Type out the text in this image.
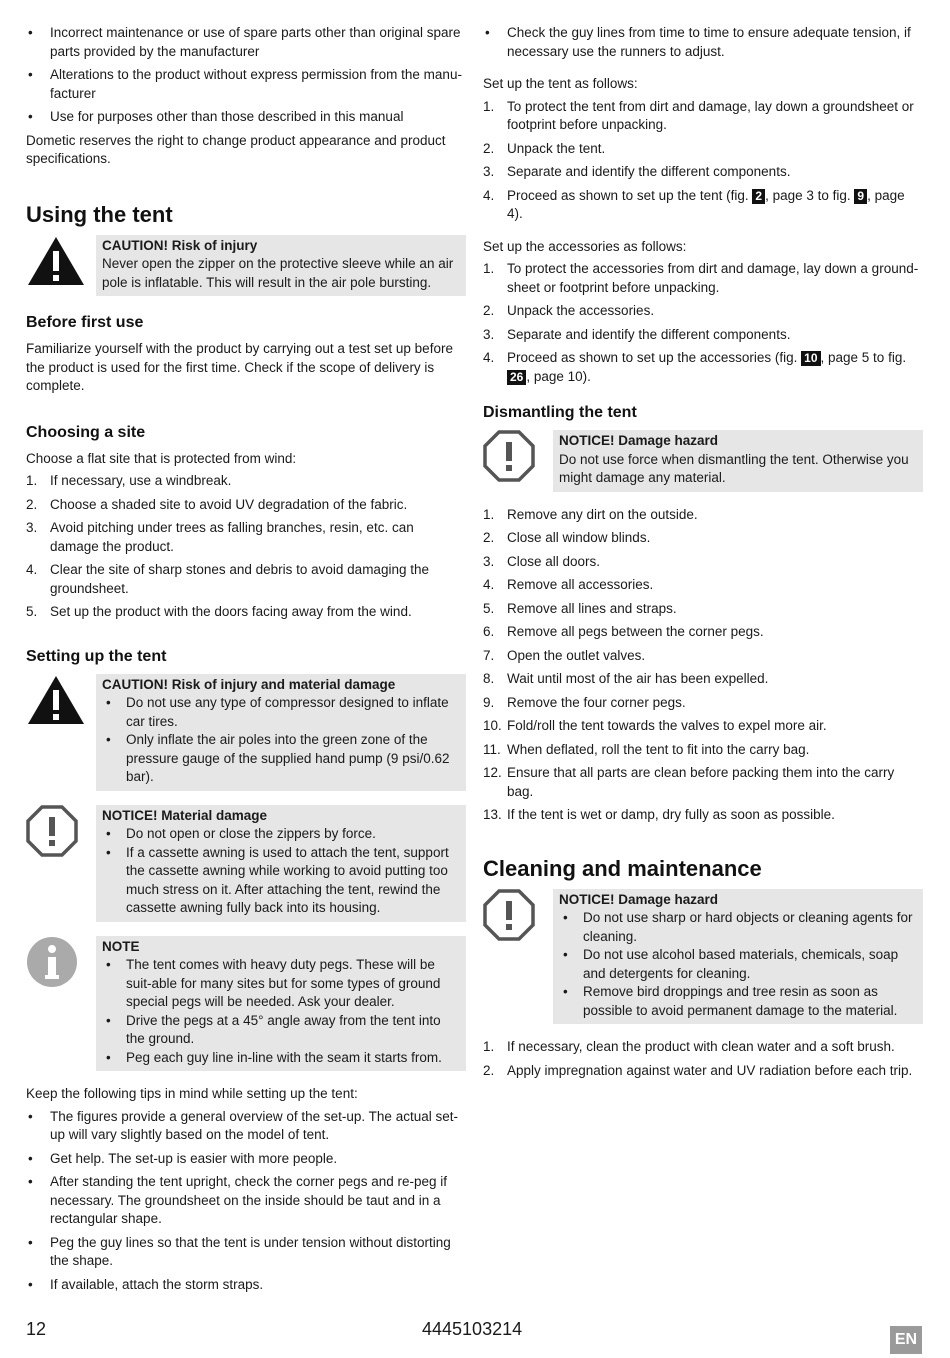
• Incorrect maintenance or use of spare parts other than original spare parts provided by the manufacturer
• Alterations to the product without express permission from the manu-facturer
• Use for purposes other than those described in this manual

Dometic reserves the right to change product appearance and product specifications.

Using the tent
CAUTION! Risk of injury
Never open the zipper on the protective sleeve while an air pole is inflatable. This will result in the air pole bursting.
Before first use

Familiarize yourself with the product by carrying out a test set up before the product is used for the first time. Check if the scope of delivery is complete.

Choosing a site

Choose a flat site that is protected from wind:

1. If necessary, use a windbreak.
2. Choose a shaded site to avoid UV degradation of the fabric.
3. Avoid pitching under trees as falling branches, resin, etc. can damage the product.
4. Clear the site of sharp stones and debris to avoid damaging the groundsheet.
5. Set up the product with the doors facing away from the wind.
Setting up the tent
CAUTION! Risk of injury and material damage
• Do not use any type of compressor designed to inflate car tires.
• Only inflate the air poles into the green zone of the pressure gauge of the supplied hand pump (9 psi/0.62 bar).
NOTICE! Material damage
• Do not open or close the zippers by force.
• If a cassette awning is used to attach the tent, support the cassette awning while working to avoid putting too much stress on it. After attaching the tent, rewind the cassette awning fully back into its housing.
NOTE
• The tent comes with heavy duty pegs. These will be suit-able for many sites but for some types of ground special pegs will be needed. Ask your dealer.
• Drive the pegs at a 45° angle away from the tent into the ground.
• Peg each guy line in-line with the seam it starts from.

Keep the following tips in mind while setting up the tent:

• The figures provide a general overview of the set-up. The actual set-up will vary slightly based on the model of tent.
• Get help. The set-up is easier with more people.
• After standing the tent upright, check the corner pegs and re-peg if necessary. The groundsheet on the inside should be taut and in a rectangular shape.
• Peg the guy lines so that the tent is under tension without distorting the shape.
• If available, attach the storm straps.
• Check the guy lines from time to time to ensure adequate tension, if necessary use the runners to adjust.

Set up the tent as follows:

1. To protect the tent from dirt and damage, lay down a groundsheet or footprint before unpacking.
2. Unpack the tent.
3. Separate and identify the different components.
4. Proceed as shown to set up the tent (fig. 2 , page 3 to fig. 9 , page 4).

Set up the accessories as follows:

1. To protect the accessories from dirt and damage, lay down a ground-sheet or footprint before unpacking.
2. Unpack the accessories.
3. Separate and identify the different components.
4. Proceed as shown to set up the accessories (fig. 10 , page 5 to fig. 26 , page 10).
Dismantling the tent
NOTICE! Damage hazard
Do not use force when dismantling the tent. Otherwise you might damage any material.
1. Remove any dirt on the outside.
2. Close all window blinds.
3. Close all doors.
4. Remove all accessories.
5. Remove all lines and straps.
6. Remove all pegs between the corner pegs.
7. Open the outlet valves.
8. Wait until most of the air has been expelled.
9. Remove the four corner pegs.
10. Fold/roll the tent towards the valves to expel more air.
11. When deflated, roll the tent to fit into the carry bag.
12. Ensure that all parts are clean before packing them into the carry bag.
13. If the tent is wet or damp, dry fully as soon as possible.
Cleaning and maintenance
NOTICE! Damage hazard
• Do not use sharp or hard objects or cleaning agents for cleaning.
• Do not use alcohol based materials, chemicals, soap and detergents for cleaning.
• Remove bird droppings and tree resin as soon as possible to avoid permanent damage to the material.
1. If necessary, clean the product with clean water and a soft brush.
2. Apply impregnation against water and UV radiation before each trip.
12	4445103214
EN
